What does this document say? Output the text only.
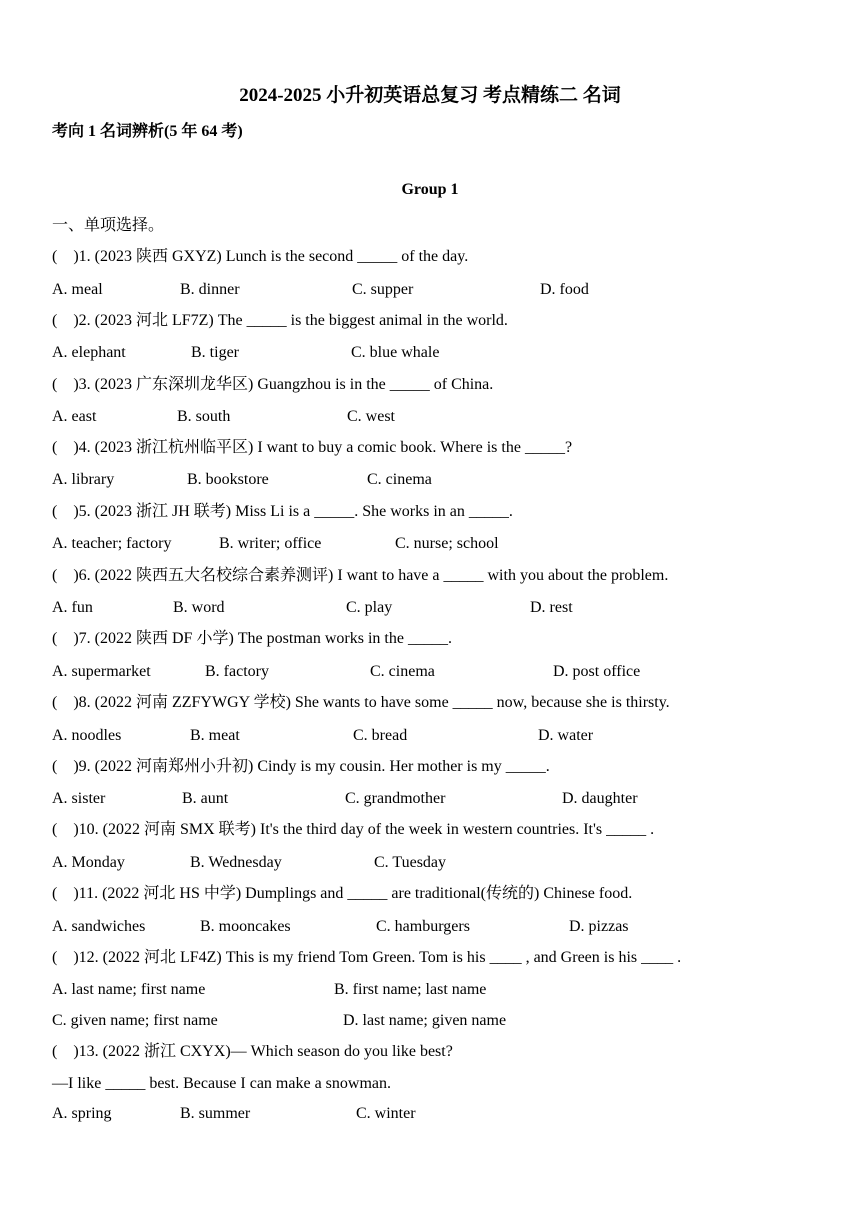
2024-2025 小升初英语总复习 考点精练二 名词
考向 1 名词辨析(5 年 64 考)
Group 1
一、单项选择。
(    )1. (2023 陕西 GXYZ) Lunch is the second _____ of the day.
A. meal	B. dinner	C. supper	D. food
(    )2. (2023 河北 LF7Z) The _____ is the biggest animal in the world.
A. elephant	B. tiger	C. blue whale
(    )3. (2023 广东深圳龙华区) Guangzhou is in the _____ of China.
A. east	B. south	C. west
(    )4. (2023 浙江杭州临平区) I want to buy a comic book. Where is the _____?
A. library	B. bookstore	C. cinema
(    )5. (2023 浙江 JH 联考) Miss Li is a _____. She works in an _____.
A. teacher; factory	B. writer; office	C. nurse; school
(    )6. (2022 陕西五大名校综合素养测评) I want to have a _____ with you about the problem.
A. fun	B. word	C. play	D. rest
(    )7. (2022 陕西 DF 小学) The postman works in the _____.
A. supermarket	B. factory	C. cinema	D. post office
(    )8. (2022 河南 ZZFYWGY 学校) She wants to have some _____ now, because she is thirsty.
A. noodles	B. meat	C. bread	D. water
(    )9. (2022 河南郑州小升初) Cindy is my cousin. Her mother is my _____.
A. sister	B. aunt	C. grandmother	D. daughter
(    )10. (2022 河南 SMX 联考) It's the third day of the week in western countries. It's _____ .
A. Monday	B. Wednesday	C. Tuesday
(    )11. (2022 河北 HS 中学) Dumplings and _____ are traditional(传统的) Chinese food.
A. sandwiches	B. mooncakes	C. hamburgers	D. pizzas
(    )12. (2022 河北 LF4Z) This is my friend Tom Green. Tom is his ____ , and Green is his ____ .
A. last name; first name	B. first name; last name
C. given name; first name	D. last name; given name
(    )13. (2022 浙江 CXYX)— Which season do you like best?
—I like _____ best. Because I can make a snowman.
A. spring	B. summer	C. winter
